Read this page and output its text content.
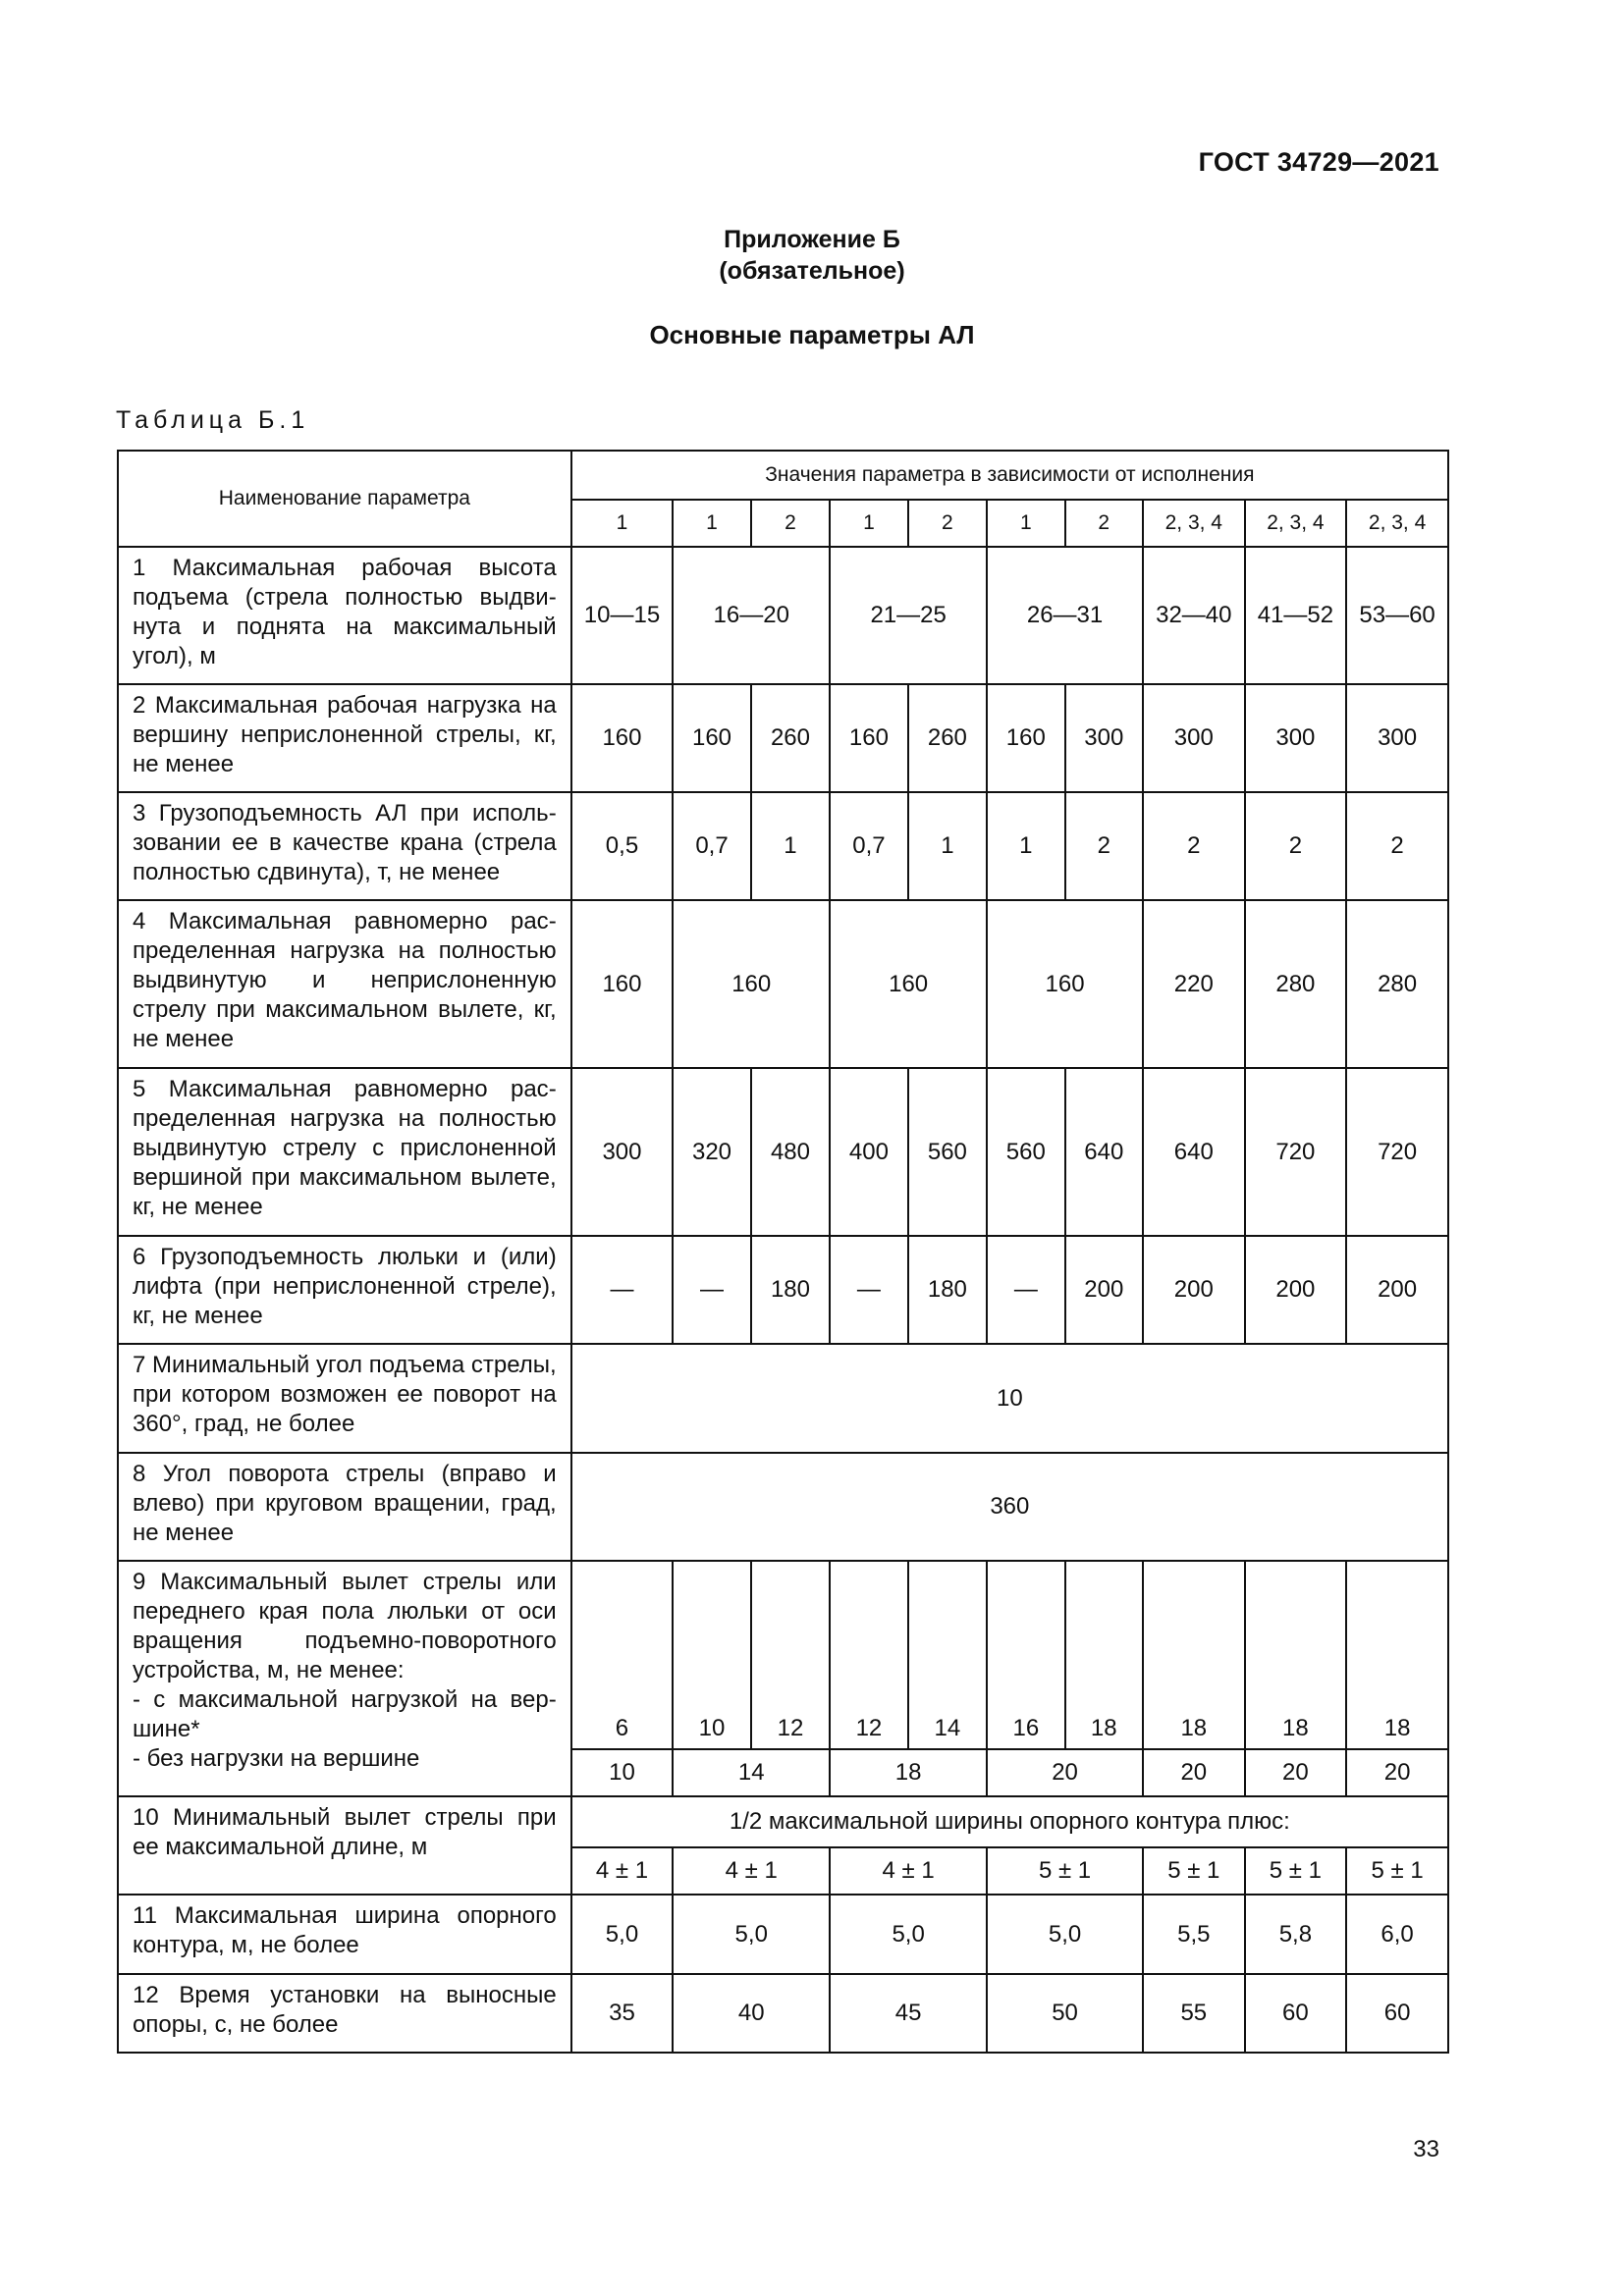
ГОСТ 34729—2021
Приложение Б
(обязательное)
Основные параметры АЛ
Таблица Б.1
Наименование параметра	Значения параметра в зависимости от исполнения									
	1	1	2	1	2	1	2	2, 3, 4	2, 3, 4	2, 3, 4
1 Максимальная рабочая высота подъема (стрела полностью выдвинута и поднята на максимальный угол), м	10—15	16—20		21—25		26—31		32—40	41—52	53—60
2 Максимальная рабочая нагрузка на вершину неприслоненной стрелы, кг, не менее	160	160	260	160	260	160	300	300	300	300
3 Грузоподъемность АЛ при использовании ее в качестве крана (стрела полностью сдвинута), т, не менее	0,5	0,7	1	0,7	1	1	2	2	2	2
4 Максимальная равномерно распределенная нагрузка на полностью выдвинутую и неприслоненную стрелу при максимальном вылете, кг, не менее	160	160		160		160		220	280	280
5 Максимальная равномерно распределенная нагрузка на полностью выдвинутую стрелу с прислоненной вершиной при максимальном вылете, кг, не менее	300	320	480	400	560	560	640	640	720	720
6 Грузоподъемность люльки и (или) лифта (при неприслоненной стреле), кг, не менее	—	—	180	—	180	—	200	200	200	200
7 Минимальный угол подъема стрелы, при котором возможен ее поворот на 360°, град, не более	10									
8 Угол поворота стрелы (вправо и влево) при круговом вращении, град, не менее	360									

9 Максимальный вылет стрелы или переднего края пола люльки от оси вращения подъемно-поворотного устройства, м, не менее:
- с максимальной нагрузкой на вершине*
- без нагрузки на вершине	6	10	12	12	14	16	18	18	18	18
	10	14		18		20		20	20	20
10 Минимальный вылет стрелы при ее максимальной длине, м	1/2 максимальной ширины опорного контура плюс:									
	4 ± 1	4 ± 1		4 ± 1		5 ± 1		5 ± 1	5 ± 1	5 ± 1
11 Максимальная ширина опорного контура, м, не более	5,0	5,0		5,0		5,0		5,5	5,8	6,0
12 Время установки на выносные опоры, с, не более	35	40		45		50		55	60	60
33
